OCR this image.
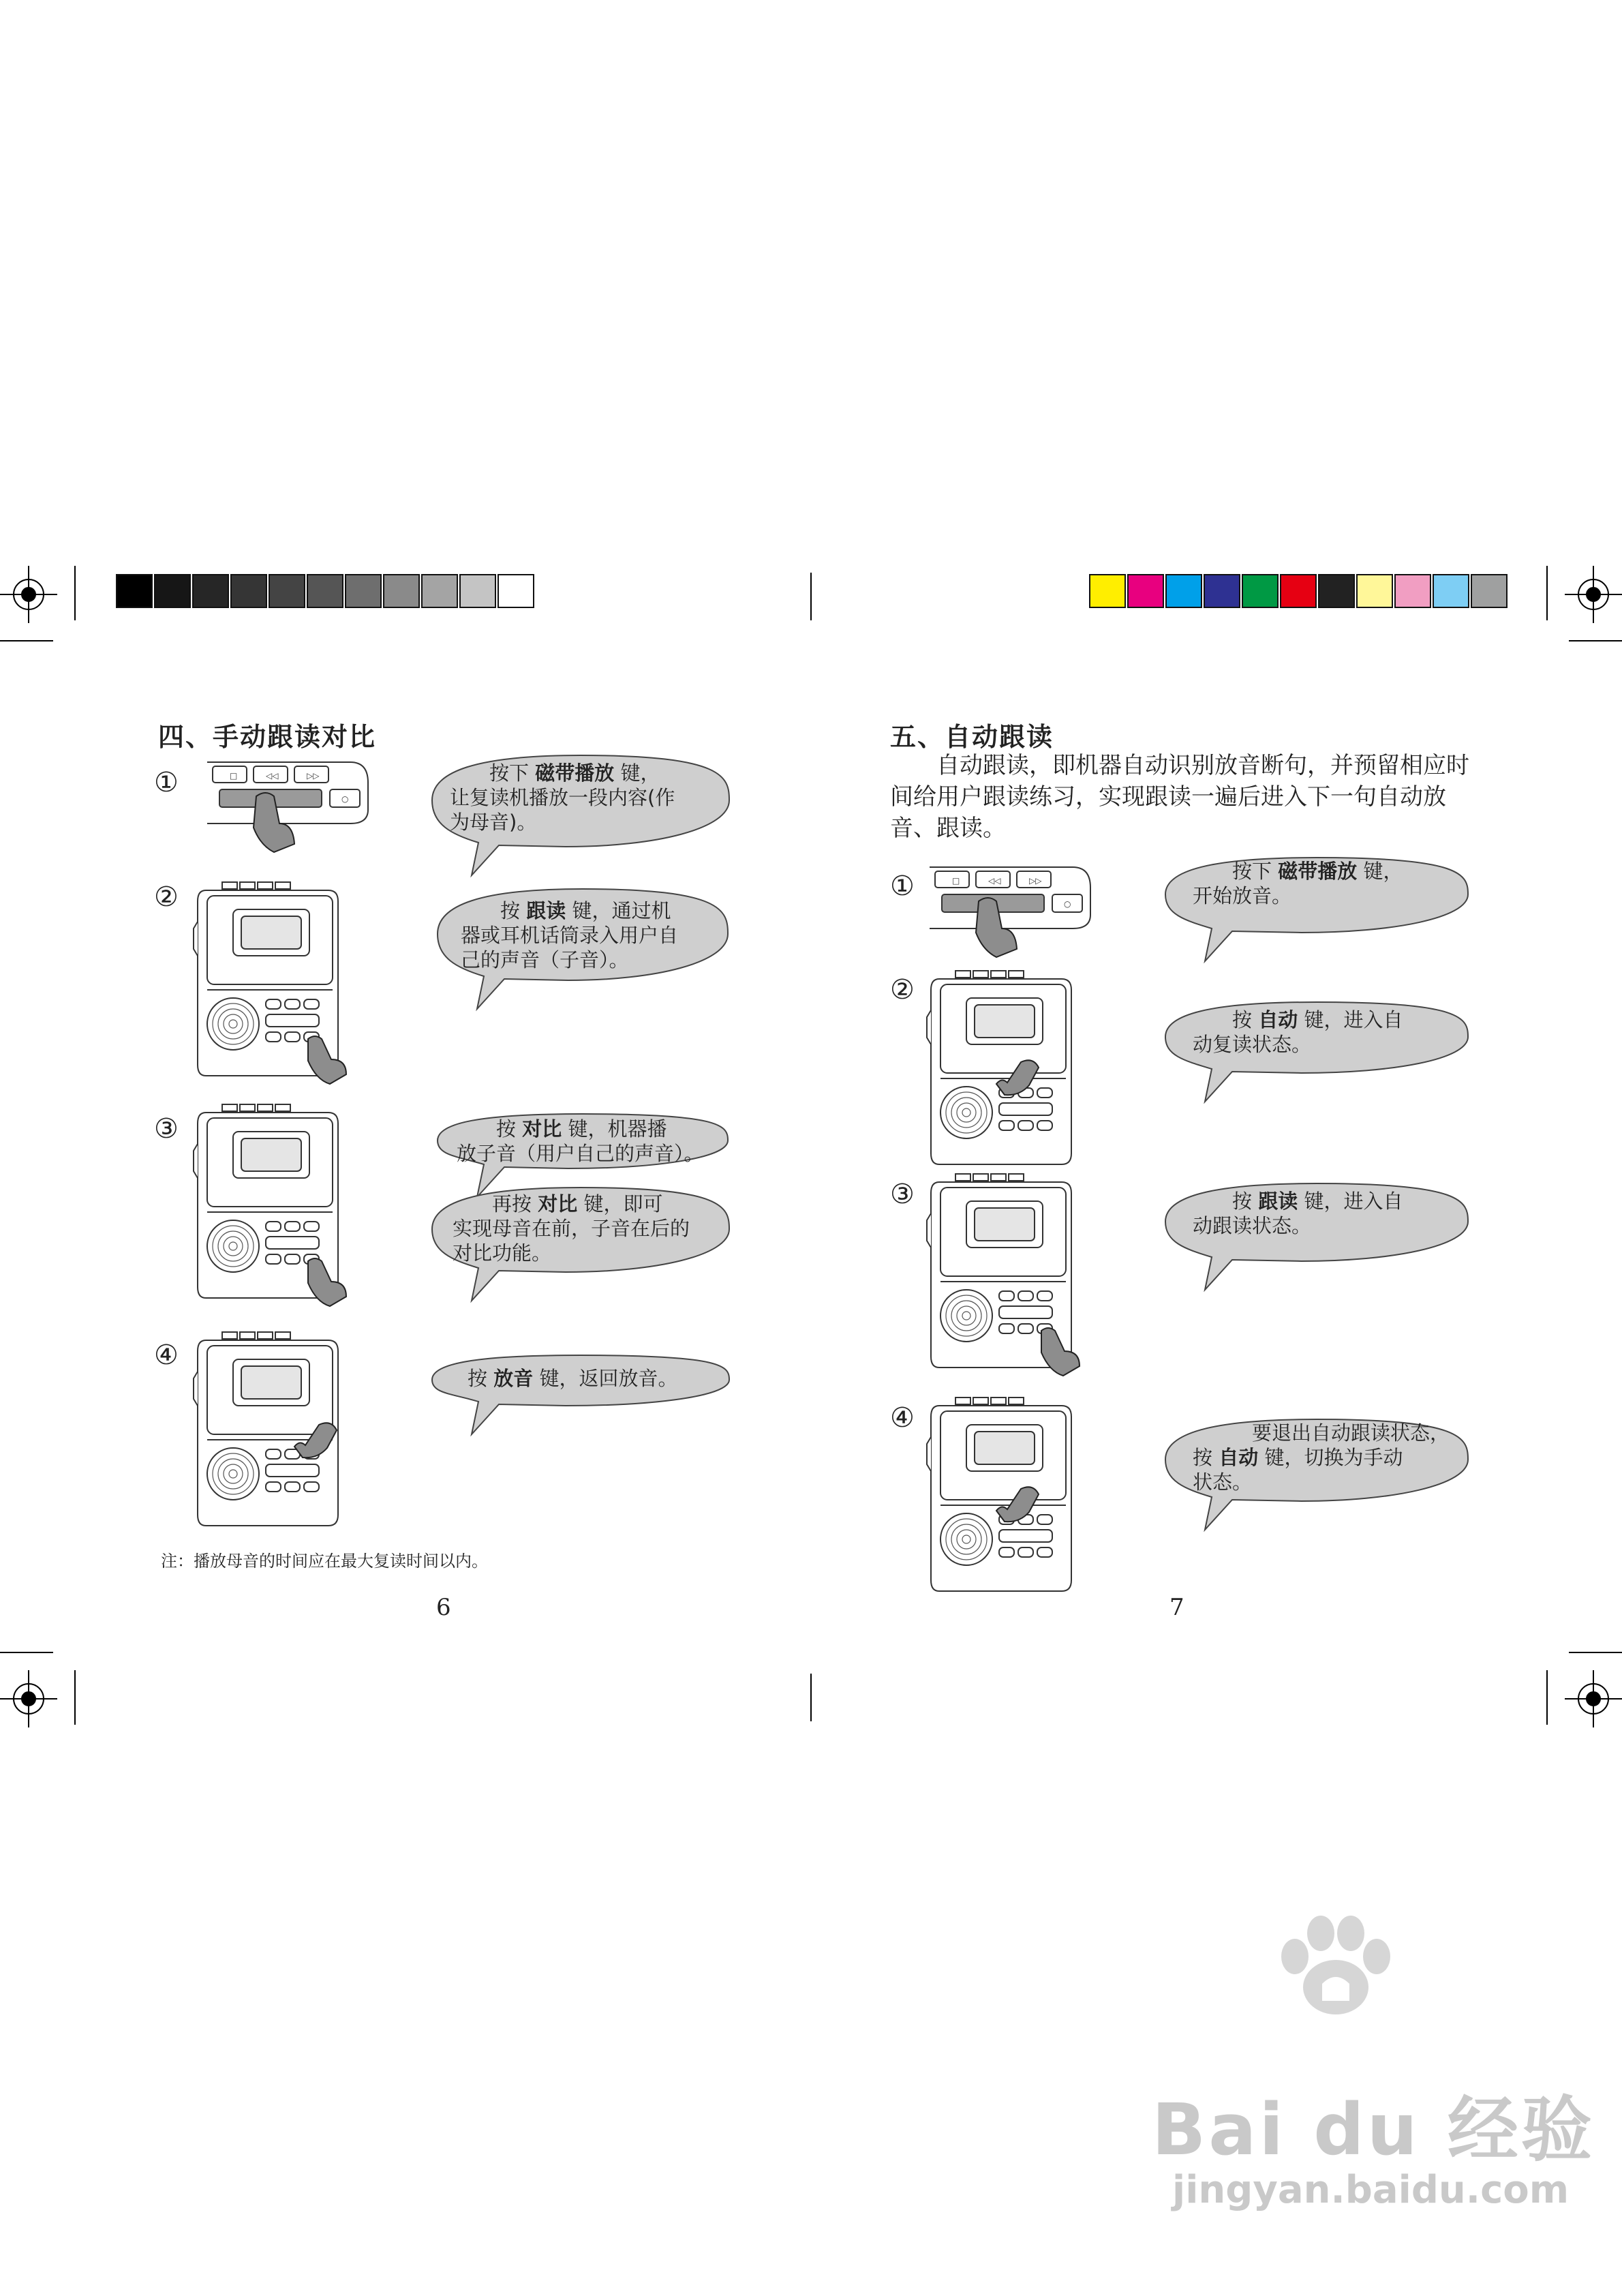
四、手动跟读对比
①	□	◁◁	▷▷
○
　　按下 磁带播放 键，
让复读机播放一段内容(作
为母音)。
②	　　按 跟读 键，通过机
器或耳机话筒录入用户自
己的声音（子音）。
③	　　按 对比 键，机器播
放子音（用户自己的声音）。
　　再按 对比 键，即可
实现母音在前，子音在后的
对比功能。
④
按 放音 键，返回放音。
注：播放母音的时间应在最大复读时间以内。
6
五、自动跟读
　　自动跟读，即机器自动识别放音断句，并预留相应时间给用户跟读练习，实现跟读一遍后进入下一句自动放音、跟读。
①	□	◁◁	▷▷
○
　　按下 磁带播放 键，
开始放音。
②
　　按 自动 键，进入自
动复读状态。
③	　　按 跟读 键，进入自
动跟读状态。
④	　　　要退出自动跟读状态，
按 自动 键，切换为手动
状态。
7
Bai du 经验
jingyan.baidu.com
